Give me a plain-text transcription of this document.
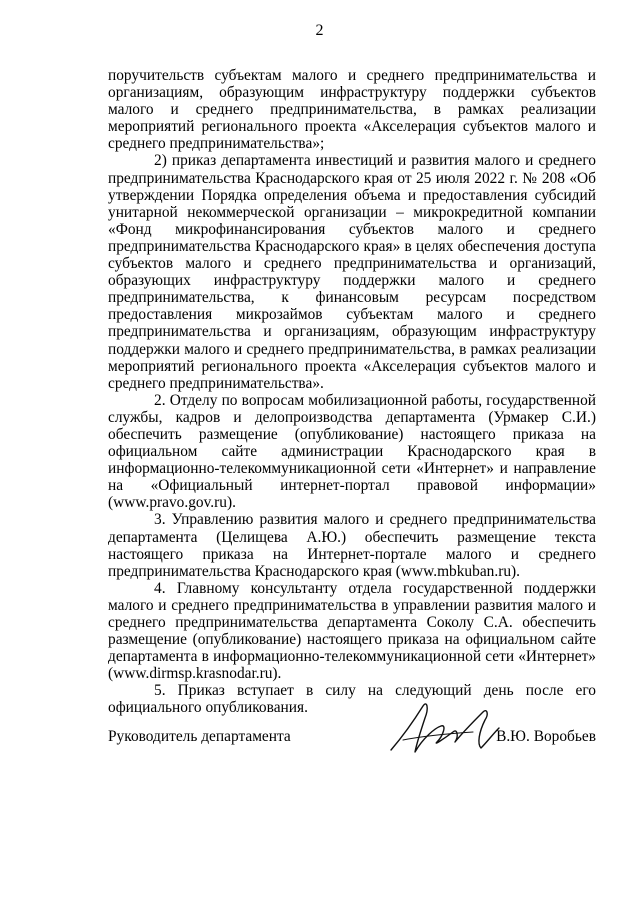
2

поручительств субъектам малого и среднего предпринимательства и организациям, образующим инфраструктуру поддержки субъектов малого и среднего предпринимательства, в рамках реализации мероприятий регионального проекта «Акселерация субъектов малого и среднего предпринимательства»;

2) приказ департамента инвестиций и развития малого и среднего предпринимательства Краснодарского края от 25 июля 2022 г. № 208 «Об утверждении Порядка определения объема и предоставления субсидий унитарной некоммерческой организации – микрокредитной компании «Фонд микрофинансирования субъектов малого и среднего предпринимательства Краснодарского края» в целях обеспечения доступа субъектов малого и среднего предпринимательства и организаций, образующих инфраструктуру поддержки малого и среднего предпринимательства, к финансовым ресурсам посредством предоставления микрозаймов субъектам малого и среднего предпринимательства и организациям, образующим инфраструктуру поддержки малого и среднего предпринимательства, в рамках реализации мероприятий регионального проекта «Акселерация субъектов малого и среднего предпринимательства».

2. Отделу по вопросам мобилизационной работы, государственной службы, кадров и делопроизводства департамента (Урмакер С.И.) обеспечить размещение (опубликование) настоящего приказа на официальном сайте администрации Краснодарского края в информационно-телекоммуникационной сети «Интернет» и направление на «Официальный интернет-портал правовой информации» (www.pravo.gov.ru).

3. Управлению развития малого и среднего предпринимательства департамента (Целищева А.Ю.) обеспечить размещение текста настоящего приказа на Интернет-портале малого и среднего предпринимательства Краснодарского края (www.mbkuban.ru).

4. Главному консультанту отдела государственной поддержки малого и среднего предпринимательства в управлении развития малого и среднего предпринимательства департамента Соколу С.А. обеспечить размещение (опубликование) настоящего приказа на официальном сайте департамента в информационно-телекоммуникационной сети «Интернет» (www.dirmsp.krasnodar.ru).

5. Приказ вступает в силу на следующий день после его официального опубликования.

Руководитель департамента	В.Ю. Воробьев
